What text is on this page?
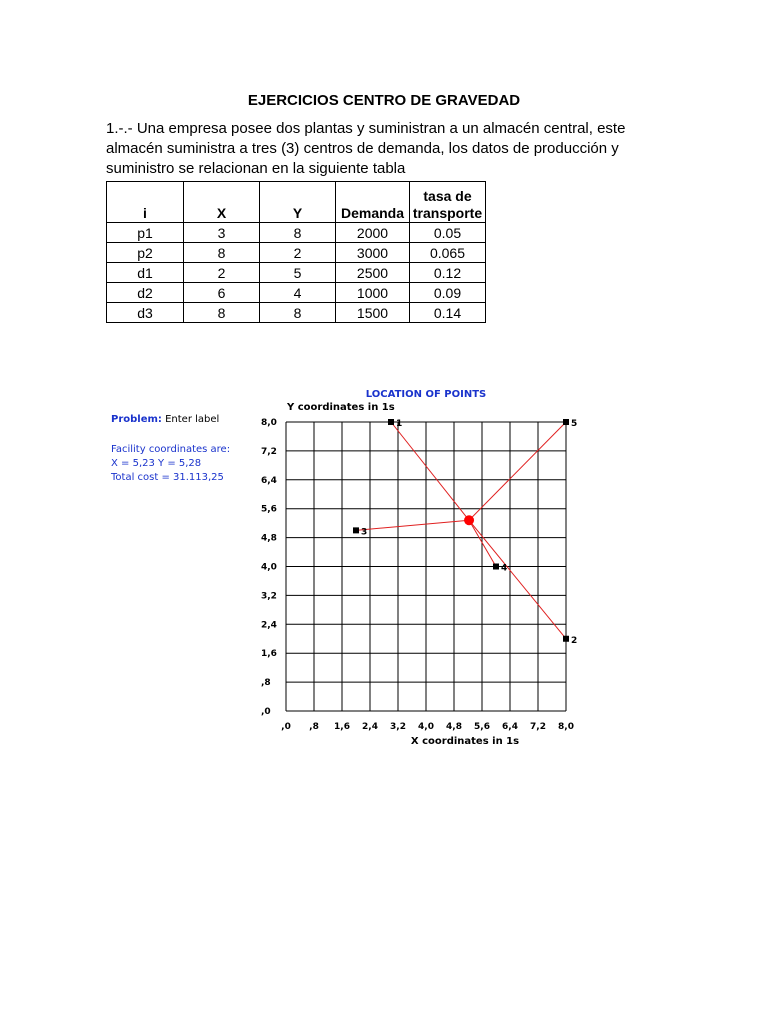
EJERCICIOS CENTRO DE GRAVEDAD
1.-.- Una empresa posee dos plantas y suministran a un almacén central, este almacén suministra a tres (3) centros de demanda, los datos de producción y suministro se relacionan en la siguiente tabla
i	X	Y	Demanda	tasa de transporte
p1	3	8	2000	0.05
p2	8	2	3000	0.065
d1	2	5	2500	0.12
d2	6	4	1000	0.09
d3	8	8	1500	0.14
Problem: Enter label
Facility coordinates are:
X = 5,23 Y = 5,28
Total cost = 31.113,25
LOCATION OF POINTS
Y coordinates in 1s
X coordinates in 1s
,0 ,8 1,6 2,4 3,2 4,0 4,8 5,6 6,4 7,2 8,0
,0
,8
1,6
2,4
3,2
4,0
4,8
5,6
6,4
7,2
8,0	1
2
3
4
5
